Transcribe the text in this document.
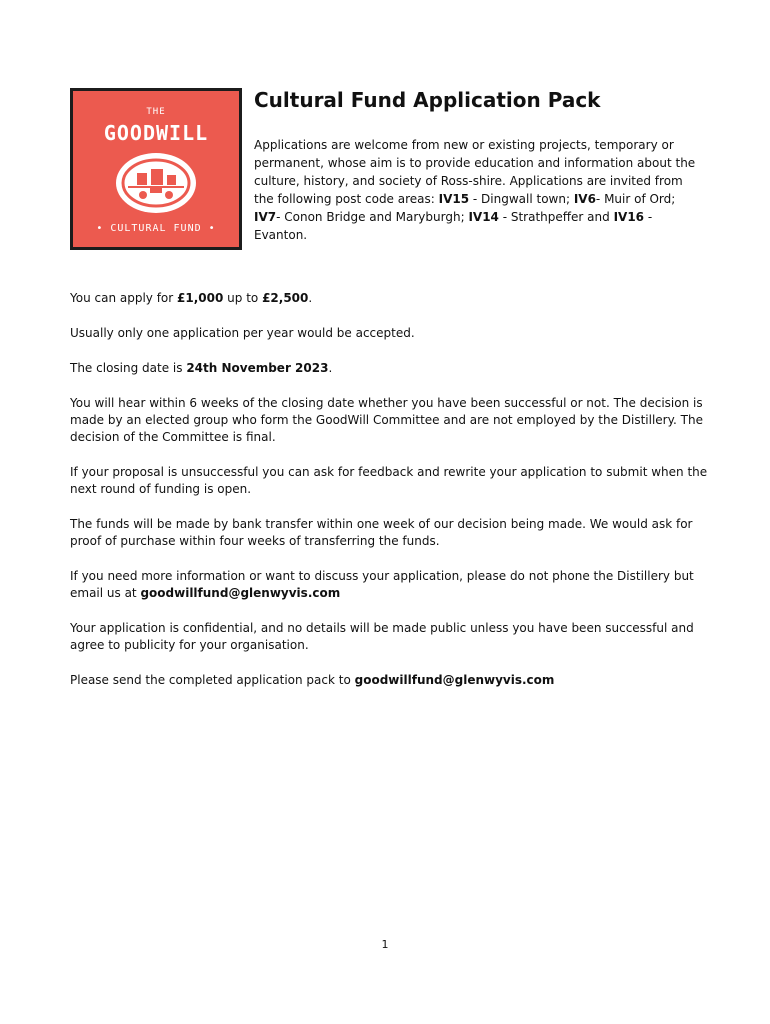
THE
GOODWILL
• CULTURAL FUND •
Cultural Fund Application Pack

Applications are welcome from new or existing projects, temporary or permanent, whose aim is to provide education and information about the culture, history, and society of Ross-shire. Applications are invited from the following post code areas: IV15 - Dingwall town; IV6- Muir of Ord; IV7- Conon Bridge and Maryburgh; IV14 - Strathpeffer and IV16 - Evanton.

You can apply for £1,000 up to £2,500.

Usually only one application per year would be accepted.

The closing date is 24th November 2023.

You will hear within 6 weeks of the closing date whether you have been successful or not. The decision is made by an elected group who form the GoodWill Committee and are not employed by the Distillery. The decision of the Committee is final.

If your proposal is unsuccessful you can ask for feedback and rewrite your application to submit when the next round of funding is open.

The funds will be made by bank transfer within one week of our decision being made. We would ask for proof of purchase within four weeks of transferring the funds.

If you need more information or want to discuss your application, please do not phone the Distillery but email us at goodwillfund@glenwyvis.com

Your application is confidential, and no details will be made public unless you have been successful and agree to publicity for your organisation.

Please send the completed application pack to goodwillfund@glenwyvis.com

1
